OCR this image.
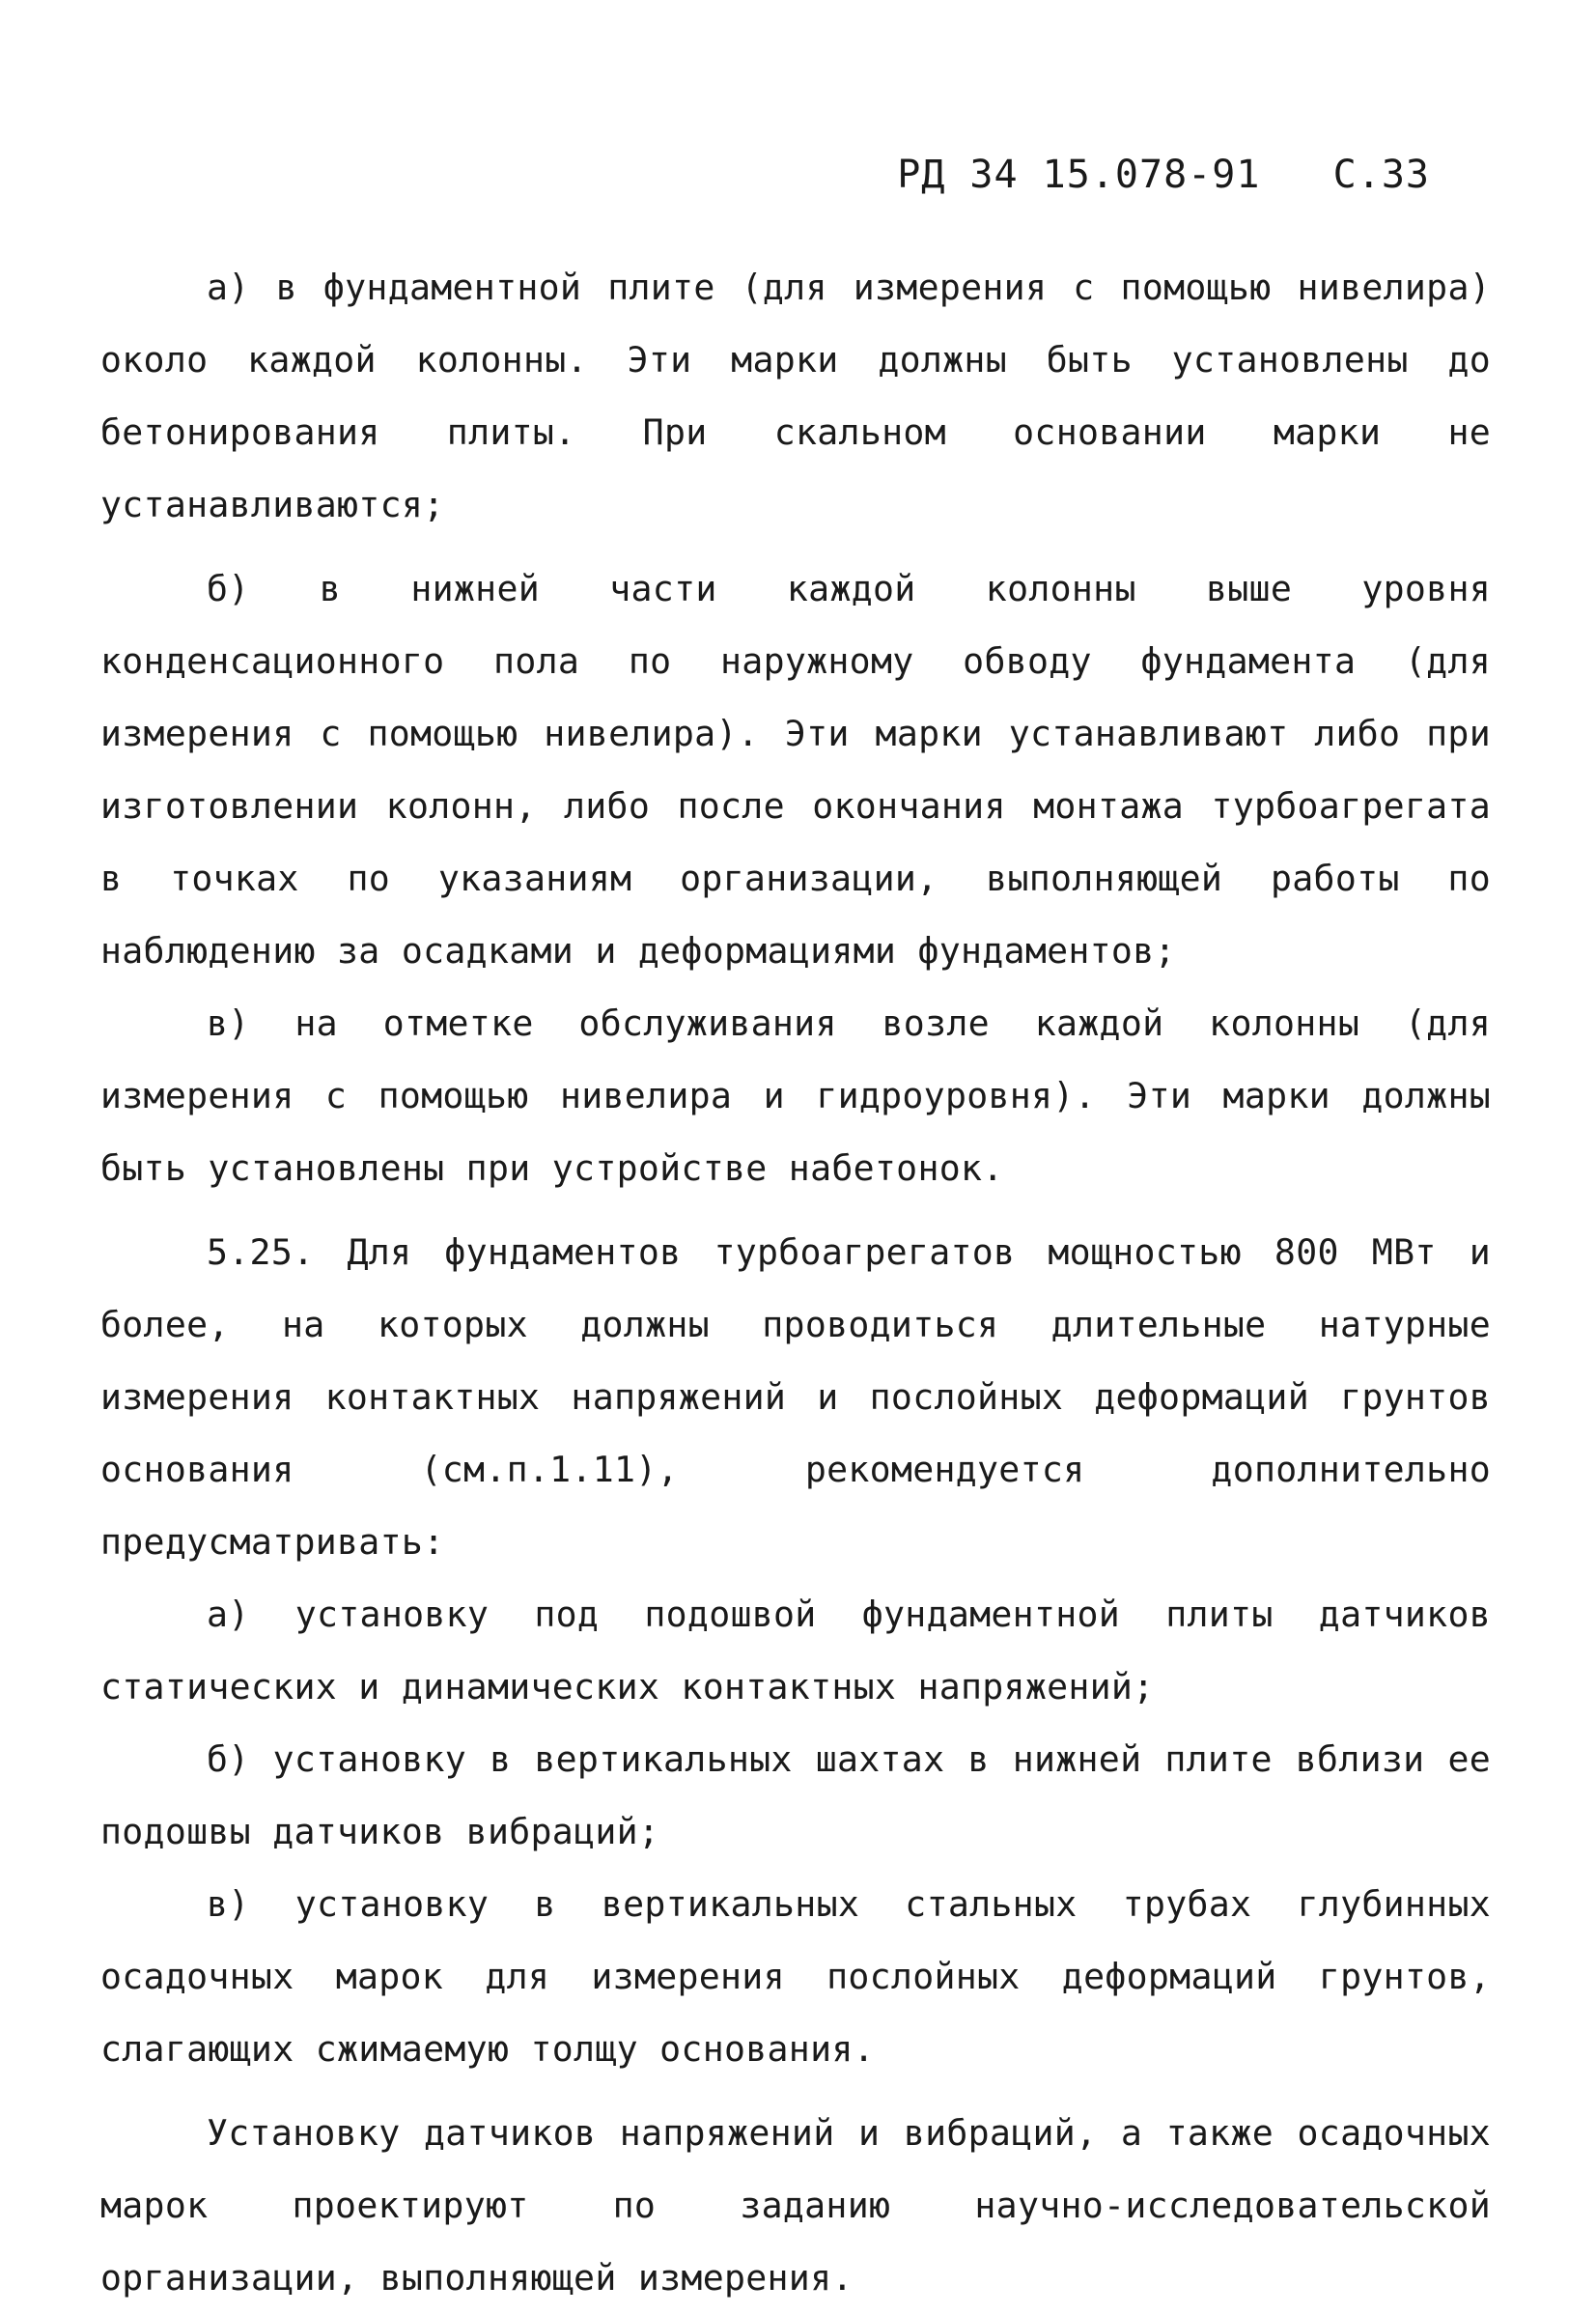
РД 34 15.078-91 С.33

а) в фундаментной плите (для измерения с помощью нивелира) около каждой колонны. Эти марки должны быть установлены до бетонирования плиты. При скальном основании марки не устанавливаются;

б) в нижней части каждой колонны выше уровня конденсационного пола по наружному обводу фундамента (для измерения с помощью нивелира). Эти марки устанавливают либо при изготовлении колонн, либо после окончания монтажа турбоагрегата в точках по указаниям организации, выполняющей работы по наблюдению за осадками и деформациями фундаментов;

в) на отметке обслуживания возле каждой колонны (для измерения с помощью нивелира и гидроуровня). Эти марки должны быть установлены при устройстве набетонок.

5.25. Для фундаментов турбоагрегатов мощностью 800 МВт и более, на которых должны проводиться длительные натурные измерения контактных напряжений и послойных деформаций грунтов основания (см.п.1.11), рекомендуется дополнительно предусматривать:

а) установку под подошвой фундаментной плиты датчиков статических и динамических контактных напряжений;

б) установку в вертикальных шахтах в нижней плите вблизи ее подошвы датчиков вибраций;

в) установку в вертикальных стальных трубах глубинных осадочных марок для измерения послойных деформаций грунтов, слагающих сжимаемую толщу основания.

Установку датчиков напряжений и вибраций, а также осадочных марок проектируют по заданию научно-исследовательской организации, выполняющей измерения.
